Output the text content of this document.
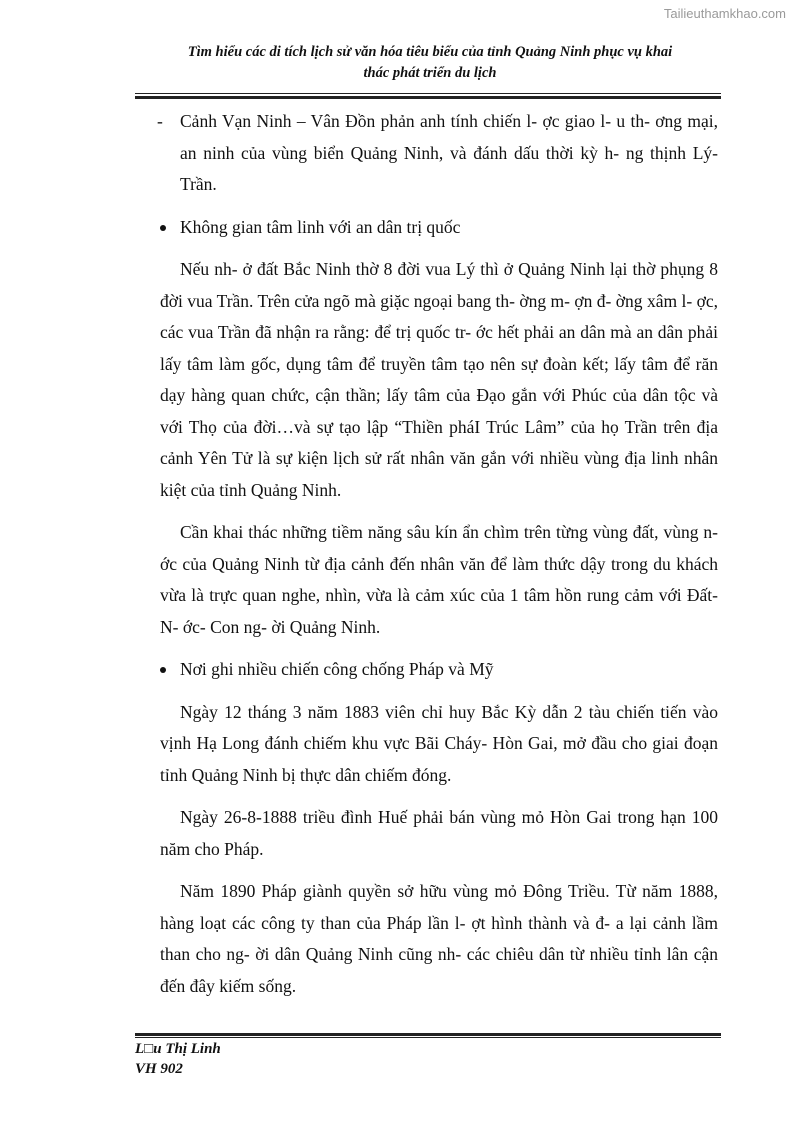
Tailieuthamkhao.com
Tìm hiểu các di tích lịch sử văn hóa tiêu biểu của tỉnh Quảng Ninh phục vụ khai
thác phát triển du lịch
- Cảnh Vạn Ninh – Vân Đồn phản anh tính chiến l- ợc giao l- u th- ơng mại, an ninh của vùng biển Quảng Ninh, và đánh dấu thời kỳ h- ng thịnh Lý- Trần.
Không gian tâm linh với an dân trị quốc

Nếu nh- ở đất Bắc Ninh thờ 8 đời vua Lý thì ở Quảng Ninh lại thờ phụng 8 đời vua Trần. Trên cửa ngõ mà giặc ngoại bang th- ờng m- ợn đ- ờng xâm l- ợc, các vua Trần đã nhận ra rằng: để trị quốc tr- ớc hết phải an dân mà an dân phải lấy tâm làm gốc, dụng tâm để truyền tâm tạo nên sự đoàn kết; lấy tâm để răn dạy hàng quan chức, cận thần; lấy tâm của Đạo gắn với Phúc của dân tộc và với Thọ của đời…và sự tạo lập “Thiền pháI Trúc Lâm” của họ Trần trên địa cảnh Yên Tử là sự kiện lịch sử rất nhân văn gắn với nhiều vùng địa linh nhân kiệt của tỉnh Quảng Ninh.

Cần khai thác những tiềm năng sâu kín ẩn chìm trên từng vùng đất, vùng n- ớc của Quảng Ninh từ địa cảnh đến nhân văn để làm thức dậy trong du khách vừa là trực quan nghe, nhìn, vừa là cảm xúc của 1 tâm hồn rung cảm với Đất- N- ớc- Con ng- ời Quảng Ninh.

Nơi ghi nhiều chiến công chống Pháp và Mỹ

Ngày 12 tháng 3 năm 1883 viên chỉ huy Bắc Kỳ dẫn 2 tàu chiến tiến vào vịnh Hạ Long đánh chiếm khu vực Bãi Cháy- Hòn Gai, mở đầu cho giai đoạn tỉnh Quảng Ninh bị thực dân chiếm đóng.

Ngày 26-8-1888 triều đình Huế phải bán vùng mỏ Hòn Gai trong hạn 100 năm cho Pháp.

Năm 1890 Pháp giành quyền sở hữu vùng mỏ Đông Triều. Từ năm 1888, hàng loạt các công ty than của Pháp lần l- ợt hình thành và đ- a lại cảnh lầm than cho ng- ời dân Quảng Ninh cũng nh- các chiêu dân từ nhiều tỉnh lân cận đến đây kiếm sống.

L□u Thị Linh
VH 902
